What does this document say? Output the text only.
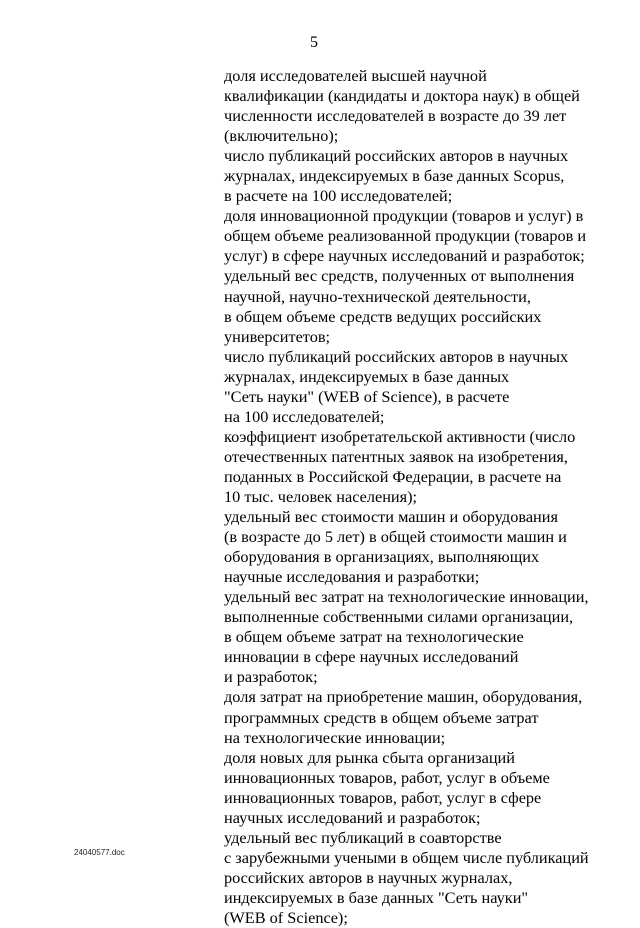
5
доля исследователей высшей научной
квалификации (кандидаты и доктора наук) в общей
численности исследователей в возрасте до 39 лет
(включительно);
число публикаций российских авторов в научных
журналах, индексируемых в базе данных Scopus,
в расчете на 100 исследователей;
доля инновационной продукции (товаров и услуг) в
общем объеме реализованной продукции (товаров и
услуг) в сфере научных исследований и разработок;
удельный вес средств, полученных от выполнения
научной, научно-технической деятельности,
в общем объеме средств ведущих российских
университетов;
число публикаций российских авторов в научных
журналах, индексируемых в базе данных
"Сеть науки" (WEB of Science), в расчете
на 100 исследователей;
коэффициент изобретательской активности (число
отечественных патентных заявок на изобретения,
поданных в Российской Федерации, в расчете на
10 тыс. человек населения);
удельный вес стоимости машин и оборудования
(в возрасте до 5 лет) в общей стоимости машин и
оборудования в организациях, выполняющих
научные исследования и разработки;
удельный вес затрат на технологические инновации,
выполненные собственными силами организации,
в общем объеме затрат на технологические
инновации в сфере научных исследований
и разработок;
доля затрат на приобретение машин, оборудования,
программных средств в общем объеме затрат
на технологические инновации;
доля новых для рынка сбыта организаций
инновационных товаров, работ, услуг в объеме
инновационных товаров, работ, услуг в сфере
научных исследований и разработок;
удельный вес публикаций в соавторстве
с зарубежными учеными в общем числе публикаций
российских авторов в научных журналах,
индексируемых в базе данных "Сеть науки"
(WEB of Science);
24040577.doc
